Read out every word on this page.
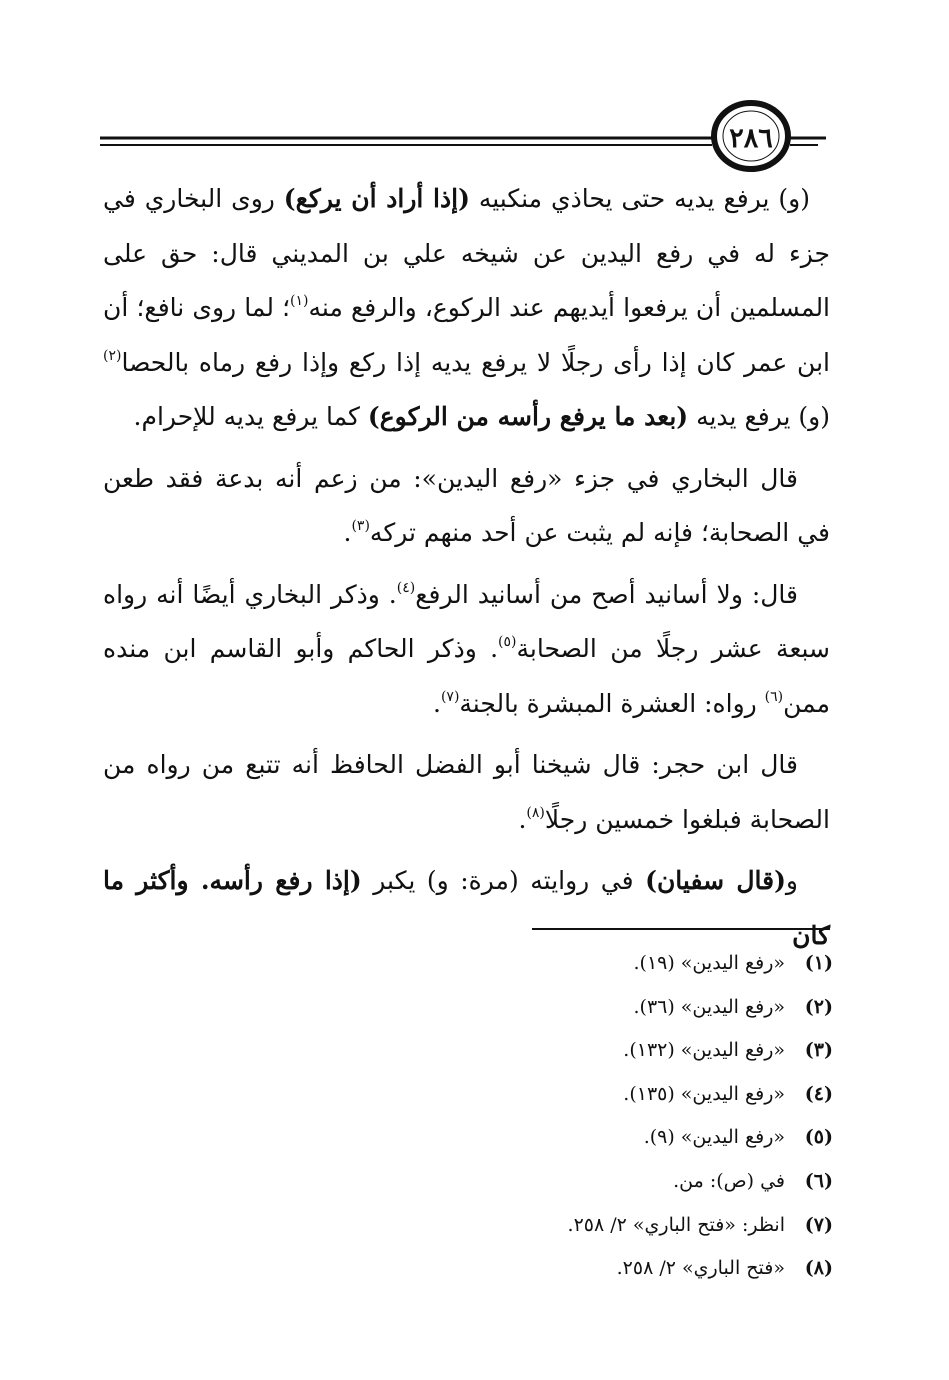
٢٨٦

(و) يرفع يديه حتى يحاذي منكبيه (إذا أراد أن يركع) روى البخاري في جزء له في رفع اليدين عن شيخه علي بن المديني قال: حق على المسلمين أن يرفعوا أيديهم عند الركوع، والرفع منه$^{(١)}$؛ لما روى نافع؛ أن ابن عمر كان إذا رأى رجلًا لا يرفع يديه إذا ركع وإذا رفع رماه بالحصا$^{(٢)}$ (و) يرفع يديه (بعد ما يرفع رأسه من الركوع) كما يرفع يديه للإحرام.

قال البخاري في جزء «رفع اليدين»: من زعم أنه بدعة فقد طعن في الصحابة؛ فإنه لم يثبت عن أحد منهم تركه$^{(٣)}$.

قال: ولا أسانيد أصح من أسانيد الرفع$^{(٤)}$. وذكر البخاري أيضًا أنه رواه سبعة عشر رجلًا من الصحابة$^{(٥)}$. وذكر الحاكم وأبو القاسم ابن منده ممن$^{(٦)}$ رواه: العشرة المبشرة بالجنة$^{(٧)}$.

قال ابن حجر: قال شيخنا أبو الفضل الحافظ أنه تتبع من رواه من الصحابة فبلغوا خمسين رجلًا$^{(٨)}$.

و(قال سفيان) في روايته (مرة: و) يكبر (إذا رفع رأسه. وأكثر ما كان

(١)
«رفع اليدين» (١٩).
(٢)
«رفع اليدين» (٣٦).
(٣)
«رفع اليدين» (١٣٢).
(٤)
«رفع اليدين» (١٣٥).
(٥)
«رفع اليدين» (٩).
(٦)
في (ص): من.
(٧)
انظر: «فتح الباري» ٢/ ٢٥٨.
(٨)
«فتح الباري» ٢/ ٢٥٨.
